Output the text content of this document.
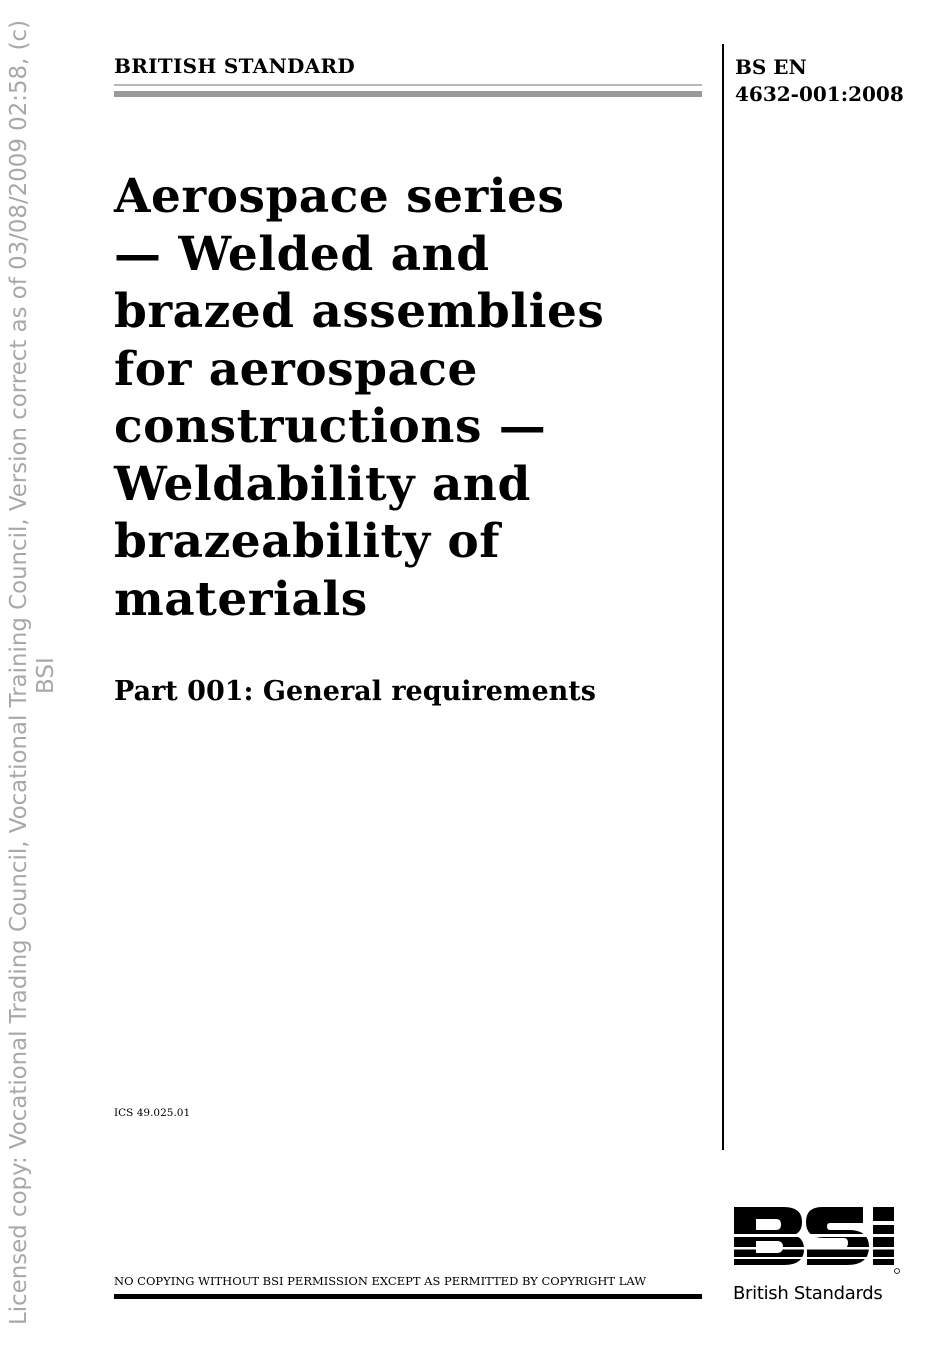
Licensed copy: Vocational Trading Council, Vocational Training Council, Version correct as of 03/08/2009 02:58, (c) BSI
BRITISH STANDARD	BS EN
4632-001:2008
Aerospace series
— Welded and
brazed assemblies
for aerospace
constructions —
Weldability and
brazeability of
materials
Part 001: General requirements
ICS 49.025.01
NO COPYING WITHOUT BSI PERMISSION EXCEPT AS PERMITTED BY COPYRIGHT LAW
British Standards
